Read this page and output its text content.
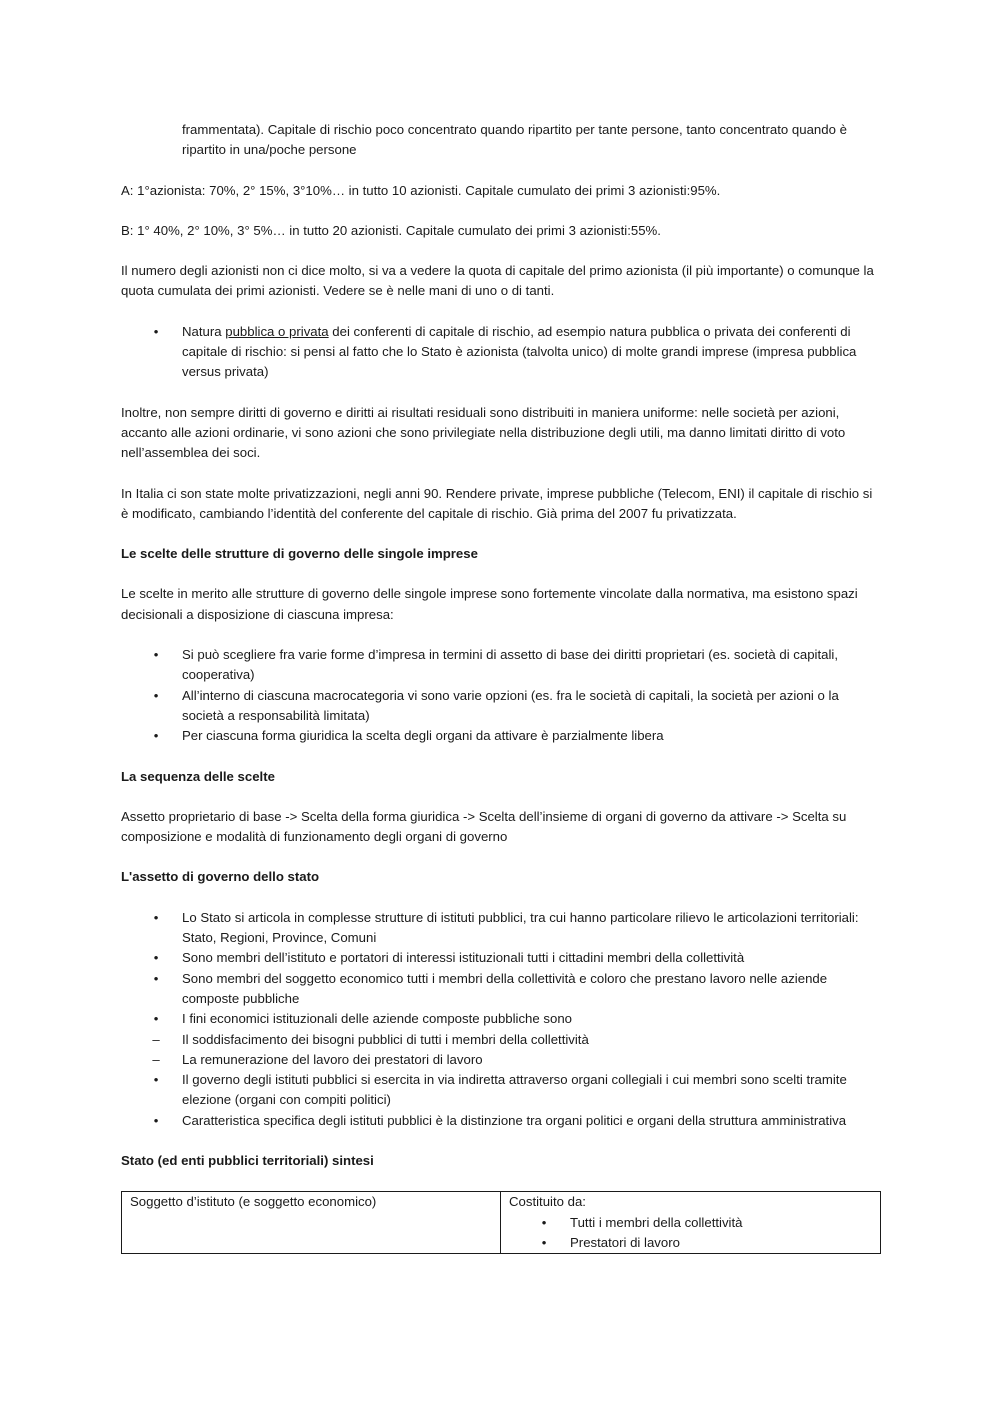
frammentata). Capitale di rischio poco concentrato quando ripartito per tante persone, tanto concentrato quando è ripartito in una/poche persone

A: 1°azionista: 70%, 2° 15%, 3°10%… in tutto 10 azionisti. Capitale cumulato dei primi 3 azionisti:95%.

B: 1° 40%, 2° 10%, 3° 5%… in tutto 20 azionisti. Capitale cumulato dei primi 3 azionisti:55%.

Il numero degli azionisti non ci dice molto, si va a vedere la quota di capitale del primo azionista (il più importante) o comunque la quota cumulata dei primi azionisti. Vedere se è nelle mani di uno o di tanti.

•	Natura pubblica o privata dei conferenti di capitale di rischio, ad esempio natura pubblica o privata dei conferenti di capitale di rischio: si pensi al fatto che lo Stato è azionista (talvolta unico) di molte grandi imprese (impresa pubblica versus privata)

Inoltre, non sempre diritti di governo e diritti ai risultati residuali sono distribuiti in maniera uniforme: nelle società per azioni, accanto alle azioni ordinarie, vi sono azioni che sono privilegiate nella distribuzione degli utili, ma danno limitati diritto di voto nell’assemblea dei soci.

In Italia ci son state molte privatizzazioni, negli anni 90. Rendere private, imprese pubbliche (Telecom, ENI) il capitale di rischio si è modificato, cambiando l’identità del conferente del capitale di rischio. Già prima del 2007 fu privatizzata.

Le scelte delle strutture di governo delle singole imprese

Le scelte in merito alle strutture di governo delle singole imprese sono fortemente vincolate dalla normativa, ma esistono spazi decisionali a disposizione di ciascuna impresa:

•	Si può scegliere fra varie forme d’impresa in termini di assetto di base dei diritti proprietari (es. società di capitali, cooperativa)
•	All’interno di ciascuna macrocategoria vi sono varie opzioni (es. fra le società di capitali, la società per azioni o la società a responsabilità limitata)
•	Per ciascuna forma giuridica la scelta degli organi da attivare è parzialmente libera
La sequenza delle scelte

Assetto proprietario di base -> Scelta della forma giuridica -> Scelta dell’insieme di organi di governo da attivare -> Scelta su composizione e modalità di funzionamento degli organi di governo

L'assetto di governo dello stato
•	Lo Stato si articola in complesse strutture di istituti pubblici, tra cui hanno particolare rilievo le articolazioni territoriali: Stato, Regioni, Province, Comuni
•	Sono membri dell’istituto e portatori di interessi istituzionali tutti i cittadini membri della collettività
•	Sono membri del soggetto economico tutti i membri della collettività e coloro che prestano lavoro nelle aziende composte pubbliche
•	I fini economici istituzionali delle aziende composte pubbliche sono
– Il soddisfacimento dei bisogni pubblici di tutti i membri della collettività
– La remunerazione del lavoro dei prestatori di lavoro
•	Il governo degli istituti pubblici si esercita in via indiretta attraverso organi collegiali i cui membri sono scelti tramite elezione (organi con compiti politici)
•	Caratteristica specifica degli istituti pubblici è la distinzione tra organi politici e organi della struttura amministrativa
Stato (ed enti pubblici territoriali) sintesi
Soggetto d’istituto (e soggetto economico)	Costituito da:
•	Tutti i membri della collettività
•	Prestatori di lavoro
